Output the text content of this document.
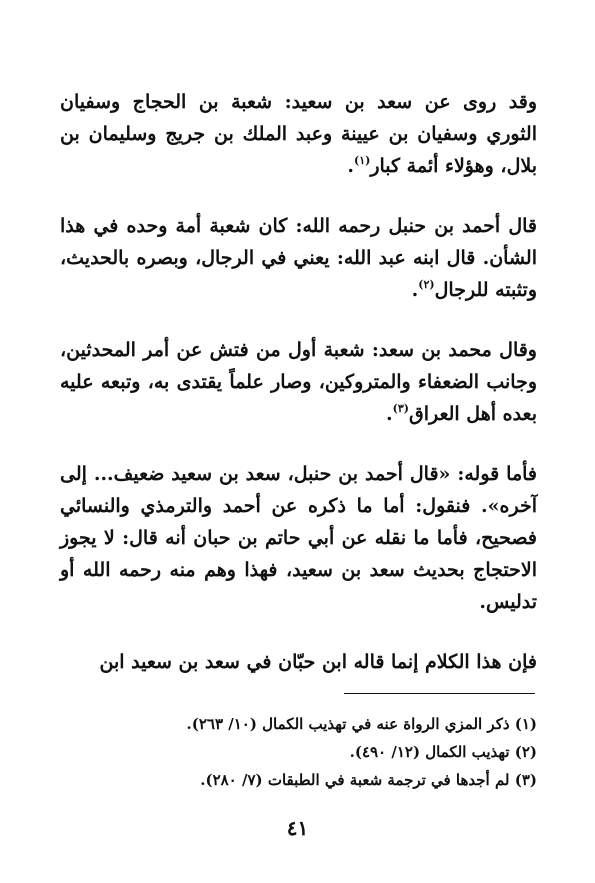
وقد روى عن سعد بن سعيد: شعبة بن الحجاج وسفيان الثوري وسفيان بن عيينة وعبد الملك بن جريج وسليمان بن بلال، وهؤلاء أئمة كبار$^{(١)}$.

قال أحمد بن حنبل رحمه الله: كان شعبة أمة وحده في هذا الشأن. قال ابنه عبد الله: يعني في الرجال، وبصره بالحديث، وتثبته للرجال$^{(٢)}$.

وقال محمد بن سعد: شعبة أول من فتش عن أمر المحدثين، وجانب الضعفاء والمتروكين، وصار علماً يقتدى به، وتبعه عليه بعده أهل العراق$^{(٣)}$.

فأما قوله: «قال أحمد بن حنبل، سعد بن سعيد ضعيف... إلى آخره». فنقول: أما ما ذكره عن أحمد والترمذي والنسائي فصحيح، فأما ما نقله عن أبي حاتم بن حبان أنه قال: لا يجوز الاحتجاج بحديث سعد بن سعيد، فهذا وهم منه رحمه الله أو تدليس.

فإن هذا الكلام إنما قاله ابن حبّان في سعد بن سعيد ابن

(١) ذكر المزي الرواة عنه في تهذيب الكمال (١٠/ ٢٦٣).

(٢) تهذيب الكمال (١٢/ ٤٩٠).

(٣) لم أجدها في ترجمة شعبة في الطبقات (٧/ ٢٨٠).

٤١
